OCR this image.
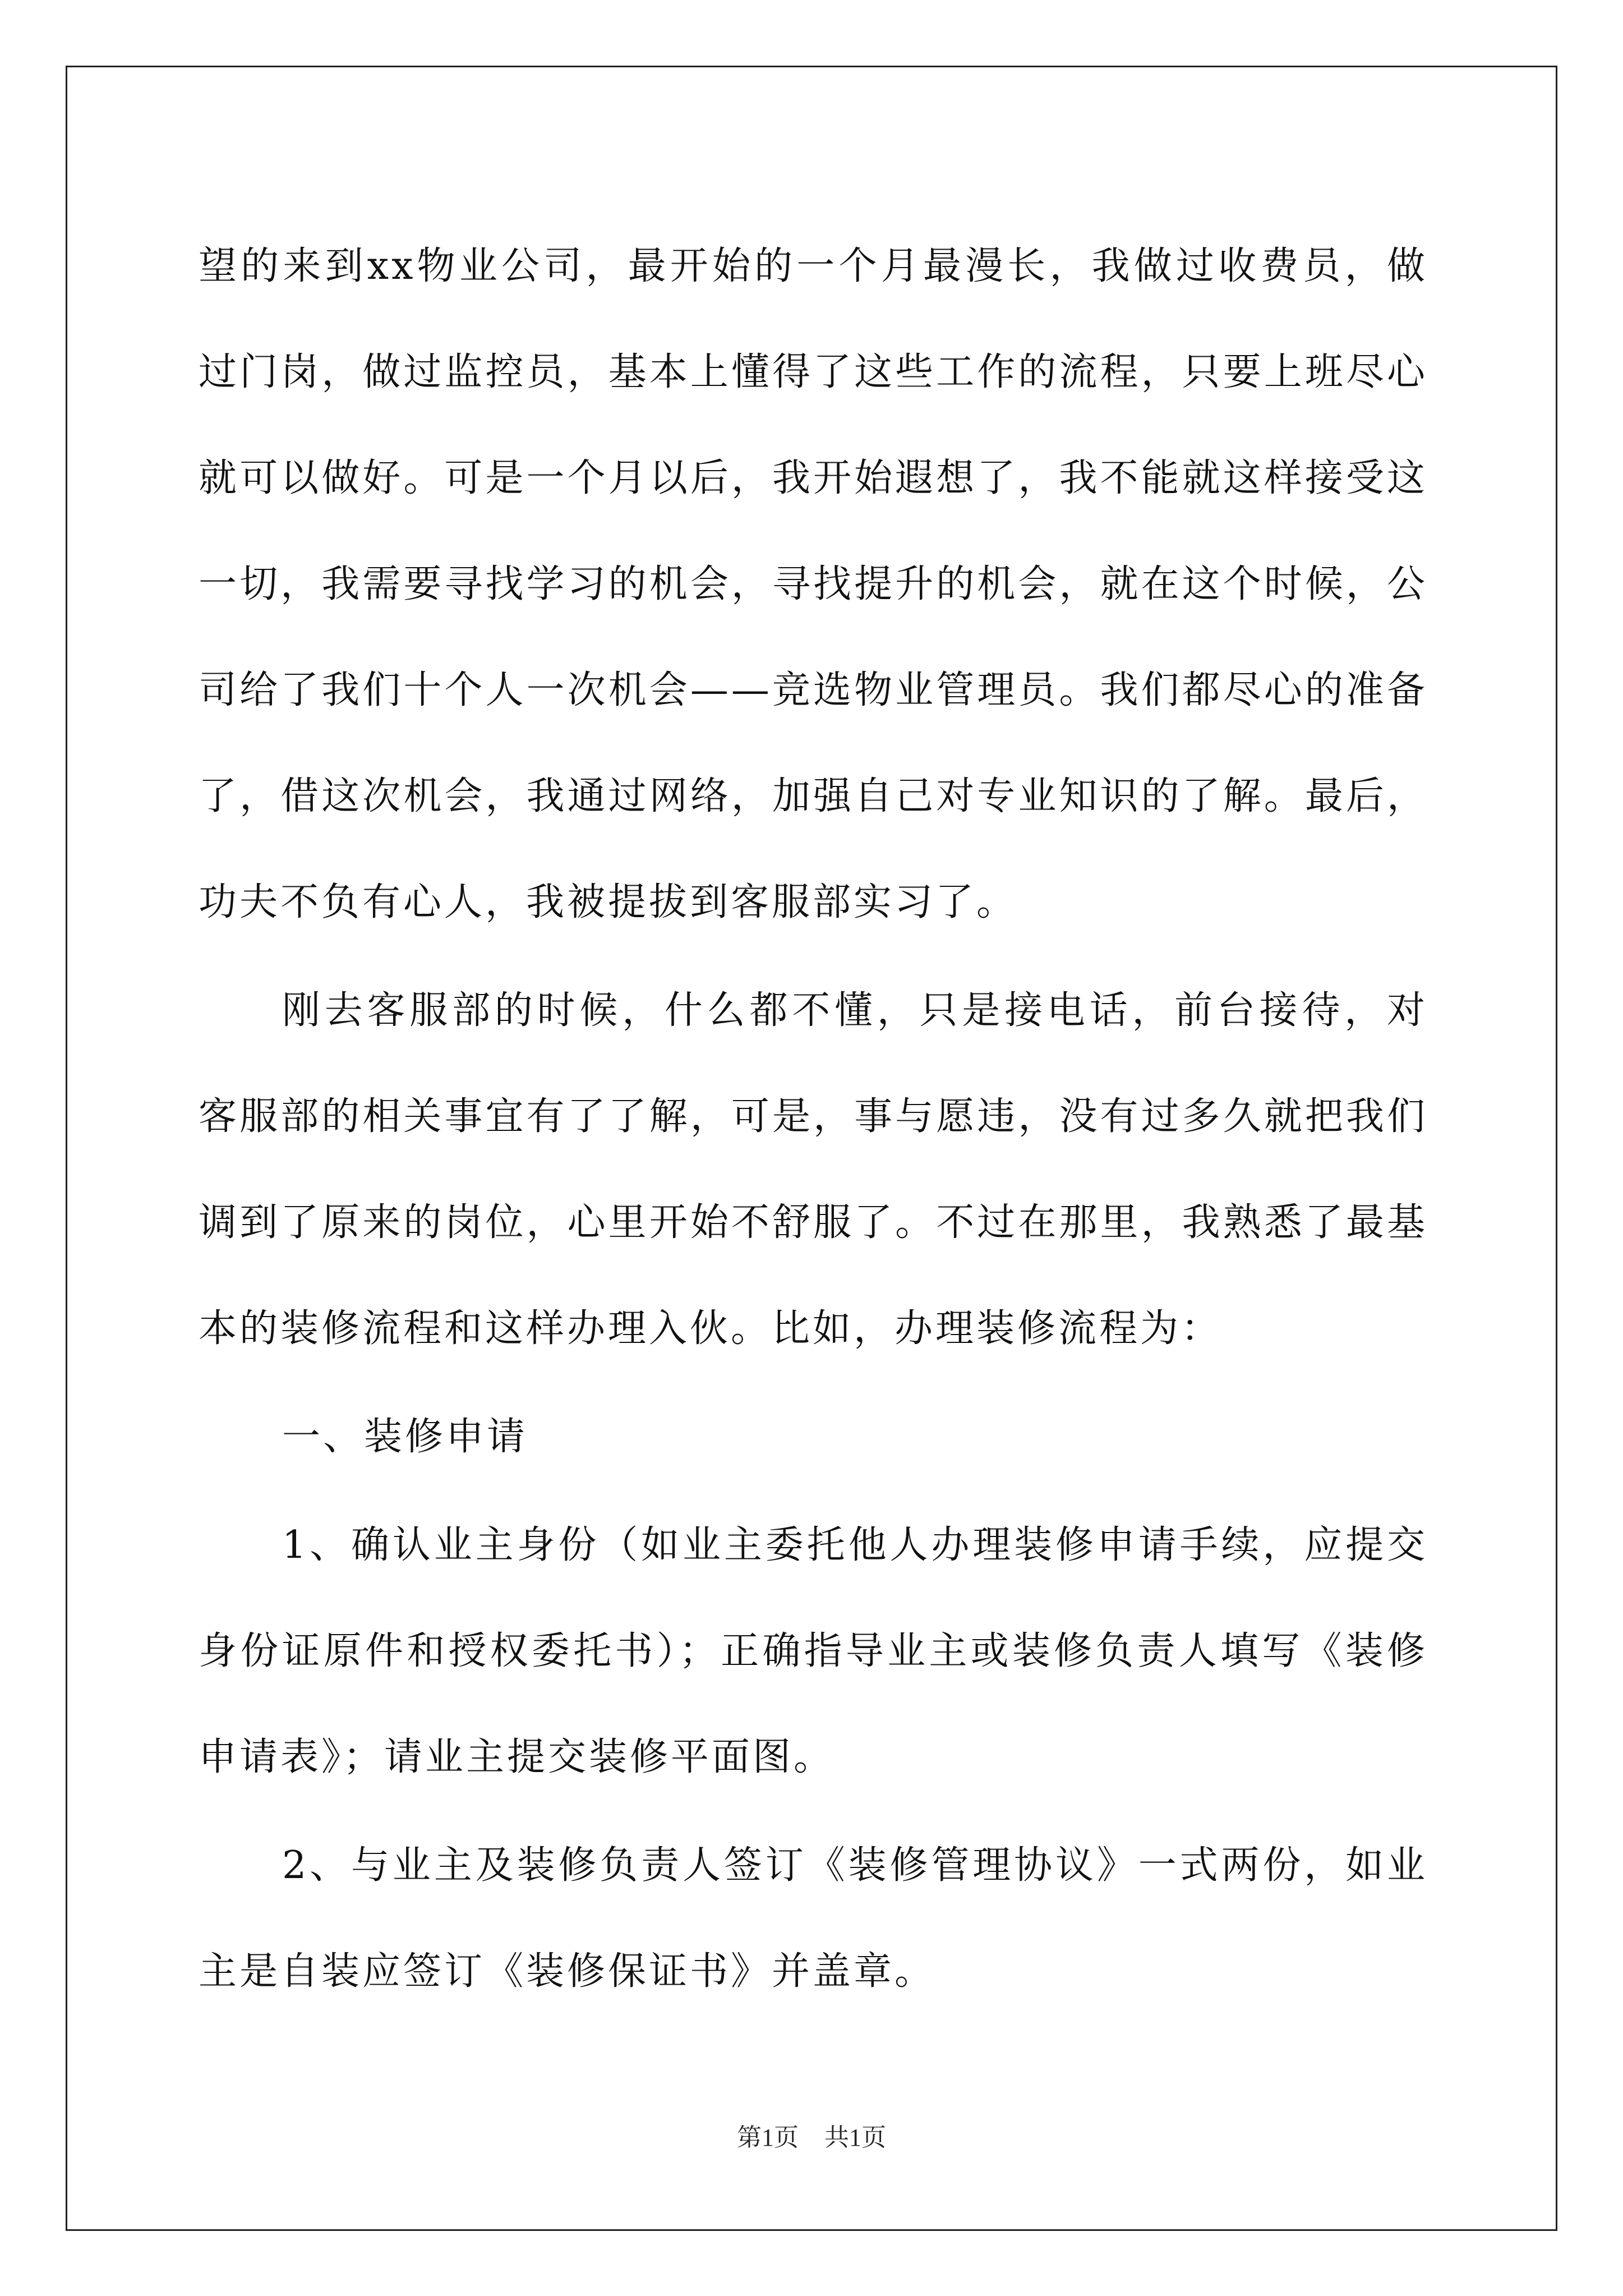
望的来到xx物业公司，最开始的一个月最漫长，我做过收费员，做过门岗，做过监控员，基本上懂得了这些工作的流程，只要上班尽心就可以做好。可是一个月以后，我开始遐想了，我不能就这样接受这一切，我需要寻找学习的机会，寻找提升的机会，就在这个时候，公司给了我们十个人一次机会——竞选物业管理员。我们都尽心的准备了，借这次机会，我通过网络，加强自己对专业知识的了解。最后，功夫不负有心人，我被提拔到客服部实习了。

刚去客服部的时候，什么都不懂，只是接电话，前台接待，对客服部的相关事宜有了了解，可是，事与愿违，没有过多久就把我们调到了原来的岗位，心里开始不舒服了。不过在那里，我熟悉了最基本的装修流程和这样办理入伙。比如，办理装修流程为：

一、装修申请

1、确认业主身份（如业主委托他人办理装修申请手续，应提交身份证原件和授权委托书）；正确指导业主或装修负责人填写《装修申请表》；请业主提交装修平面图。

2、与业主及装修负责人签订《装修管理协议》一式两份，如业主是自装应签订《装修保证书》并盖章。

第1页 共1页
